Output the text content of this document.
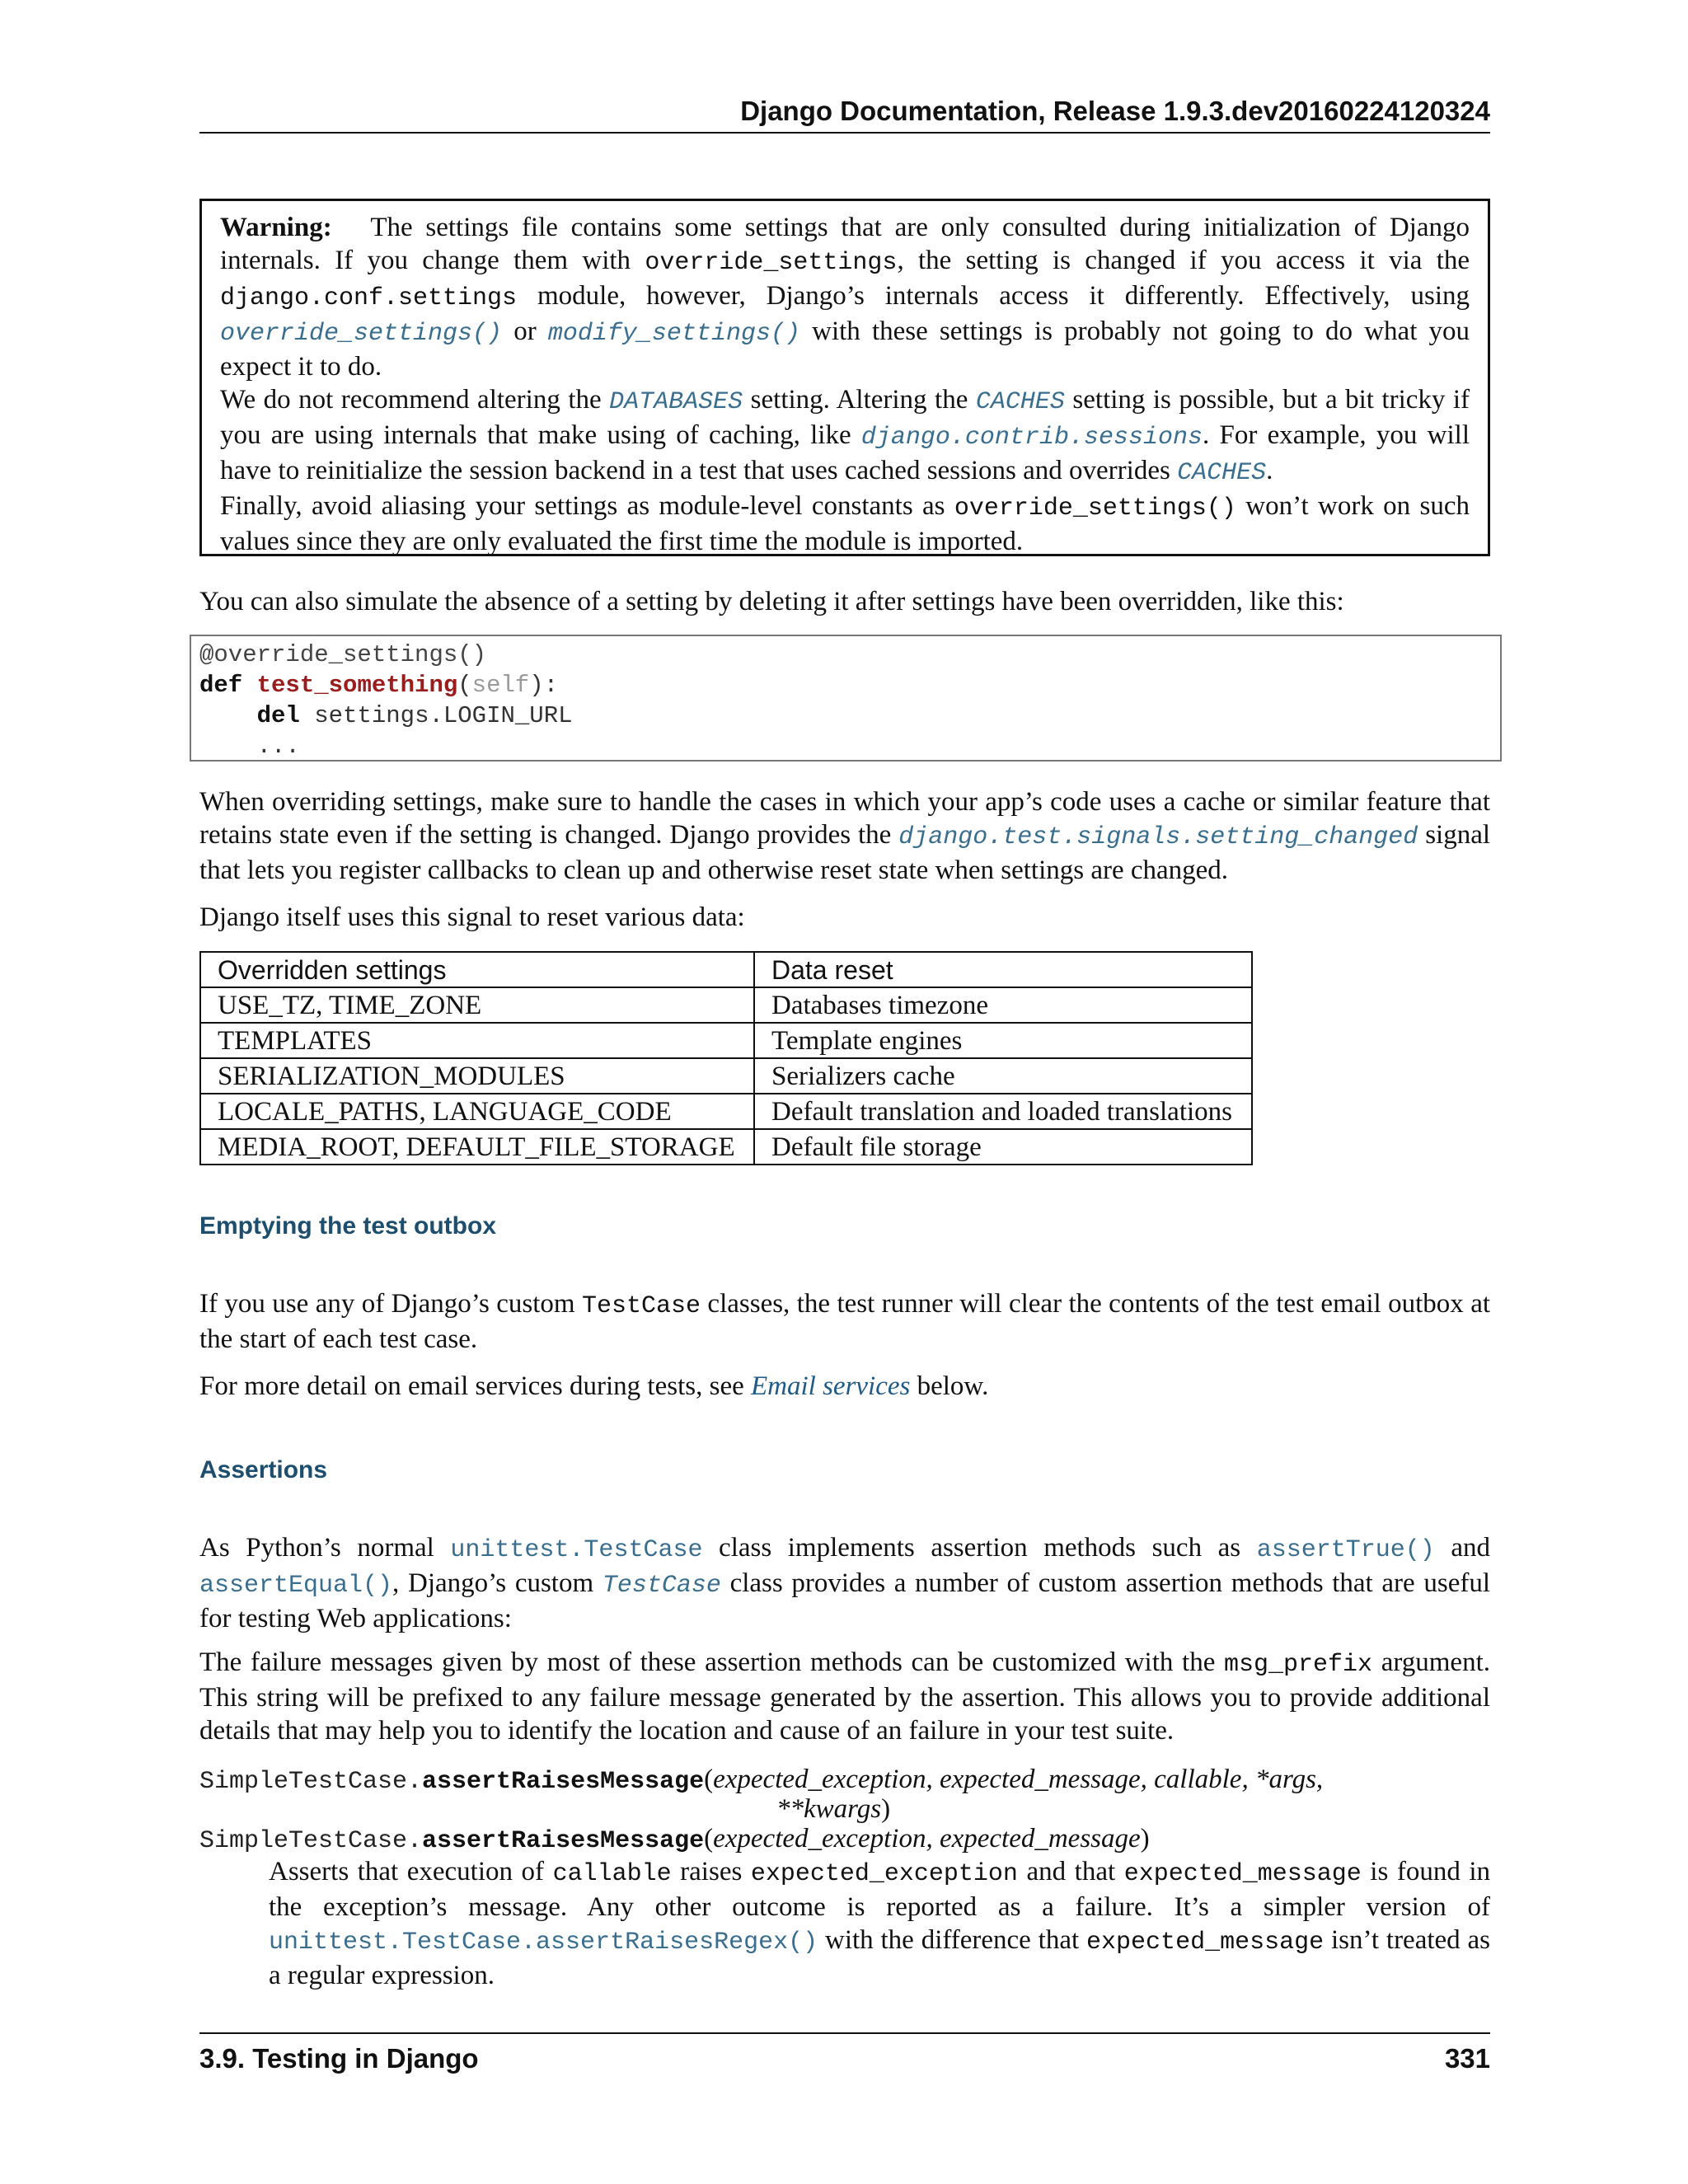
Django Documentation, Release 1.9.3.dev20160224120324

Warning: The settings file contains some settings that are only consulted during initialization of Django internals. If you change them with override_settings, the setting is changed if you access it via the django.conf.settings module, however, Django’s internals access it differently. Effectively, using override_settings() or modify_settings() with these settings is probably not going to do what you expect it to do.

We do not recommend altering the DATABASES setting. Altering the CACHES setting is possible, but a bit tricky if you are using internals that make using of caching, like django.contrib.sessions. For example, you will have to reinitialize the session backend in a test that uses cached sessions and overrides CACHES.

Finally, avoid aliasing your settings as module-level constants as override_settings() won’t work on such values since they are only evaluated the first time the module is imported.

You can also simulate the absence of a setting by deleting it after settings have been overridden, like this:
@override_settings()
def test_something(self):
del settings.LOGIN_URL
...
When overriding settings, make sure to handle the cases in which your app’s code uses a cache or similar feature that retains state even if the setting is changed. Django provides the django.test.signals.setting_changed signal that lets you register callbacks to clean up and otherwise reset state when settings are changed.
Django itself uses this signal to reset various data:
Overridden settings	Data reset
USE_TZ, TIME_ZONE	Databases timezone
TEMPLATES	Template engines
SERIALIZATION_MODULES	Serializers cache
LOCALE_PATHS, LANGUAGE_CODE	Default translation and loaded translations
MEDIA_ROOT, DEFAULT_FILE_STORAGE	Default file storage
Emptying the test outbox
If you use any of Django’s custom TestCase classes, the test runner will clear the contents of the test email outbox at the start of each test case.
For more detail on email services during tests, see Email services below.
Assertions
As Python’s normal unittest.TestCase class implements assertion methods such as assertTrue() and assertEqual(), Django’s custom TestCase class provides a number of custom assertion methods that are useful for testing Web applications:
The failure messages given by most of these assertion methods can be customized with the msg_prefix argument. This string will be prefixed to any failure message generated by the assertion. This allows you to provide additional details that may help you to identify the location and cause of an failure in your test suite.
SimpleTestCase.assertRaisesMessage(expected_exception, expected_message, callable, *args,
**kwargs)
SimpleTestCase.assertRaisesMessage(expected_exception, expected_message)
Asserts that execution of callable raises expected_exception and that expected_message is found in the exception’s message. Any other outcome is reported as a failure. It’s a simpler version of unittest.TestCase.assertRaisesRegex() with the difference that expected_message isn’t treated as a regular expression.
3.9. Testing in Django	331
